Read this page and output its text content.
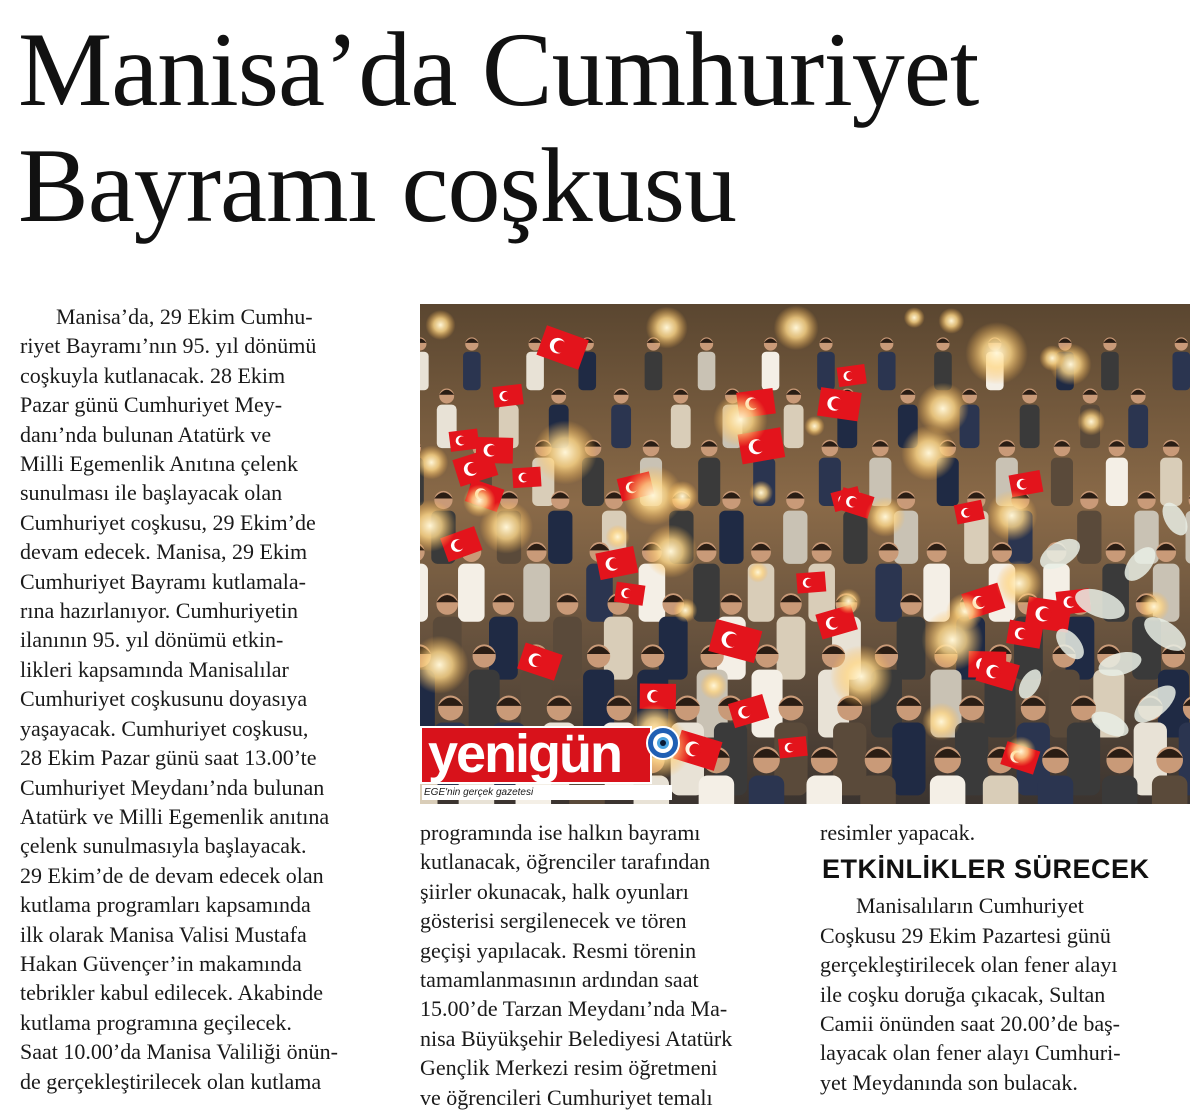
Manisa’da Cumhuriyet
Bayramı coşkusu
Manisa’da, 29 Ekim Cumhu-
riyet Bayramı’nın 95. yıl dönümü
coşkuyla kutlanacak. 28 Ekim
Pazar günü Cumhuriyet Mey-
danı’nda bulunan Atatürk ve
Milli Egemenlik Anıtına çelenk
sunulması ile başlayacak olan
Cumhuriyet coşkusu, 29 Ekim’de
devam edecek. Manisa, 29 Ekim
Cumhuriyet Bayramı kutlamala-
rına hazırlanıyor. Cumhuriyetin
ilanının 95. yıl dönümü etkin-
likleri kapsamında Manisalılar
Cumhuriyet coşkusunu doyasıya
yaşayacak. Cumhuriyet coşkusu,
28 Ekim Pazar günü saat 13.00’te
Cumhuriyet Meydanı’nda bulunan
Atatürk ve Milli Egemenlik anıtına
çelenk sunulmasıyla başlayacak.
29 Ekim’de de devam edecek olan
kutlama programları kapsamında
ilk olarak Manisa Valisi Mustafa
Hakan Güvençer’in makamında
tebrikler kabul edilecek. Akabinde
kutlama programına geçilecek.
Saat 10.00’da Manisa Valiliği önün-
de gerçekleştirilecek olan kutlama
yenigün
EGE'nin gerçek gazetesi
programında ise halkın bayramı
kutlanacak, öğrenciler tarafından
şiirler okunacak, halk oyunları
gösterisi sergilenecek ve tören
geçişi yapılacak. Resmi törenin
tamamlanmasının ardından saat
15.00’de Tarzan Meydanı’nda Ma-
nisa Büyükşehir Belediyesi Atatürk
Gençlik Merkezi resim öğretmeni
ve öğrencileri Cumhuriyet temalı
resimler yapacak.
ETKİNLİKLER SÜRECEK
Manisalıların Cumhuriyet
Coşkusu 29 Ekim Pazartesi günü
gerçekleştirilecek olan fener alayı
ile coşku doruğa çıkacak, Sultan
Camii önünden saat 20.00’de baş-
layacak olan fener alayı Cumhuri-
yet Meydanında son bulacak.
